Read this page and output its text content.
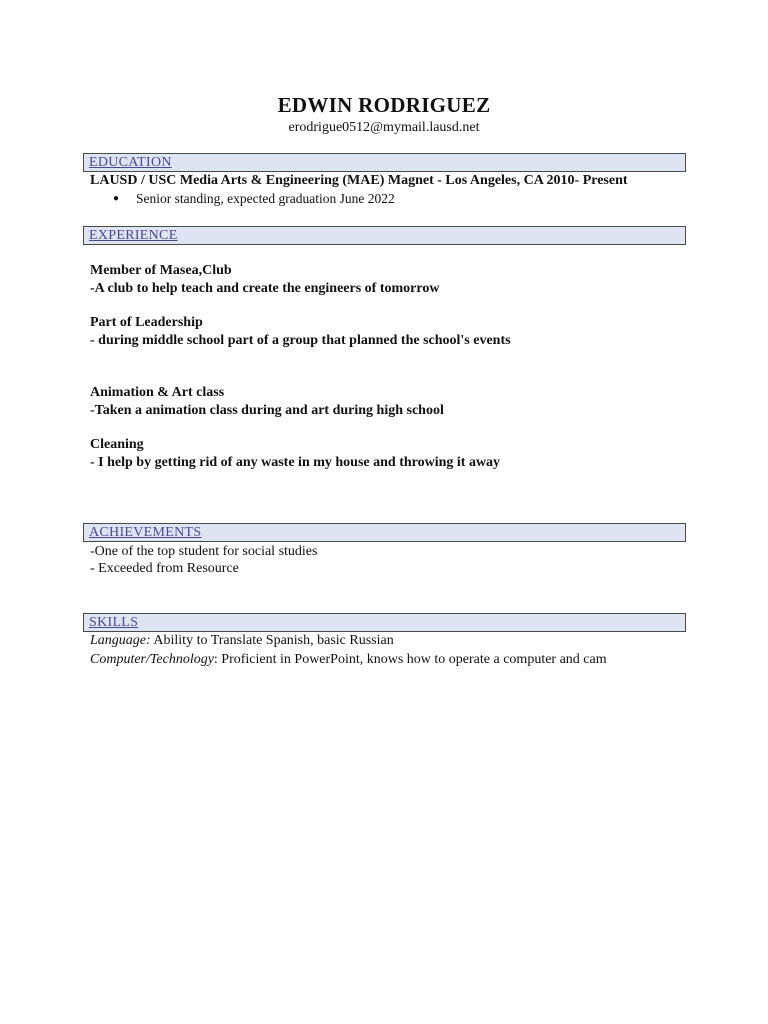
EDWIN RODRIGUEZ
erodrigue0512@mymail.lausd.net
EDUCATION
LAUSD / USC Media Arts & Engineering (MAE) Magnet - Los Angeles, CA 2010- Present
● Senior standing, expected graduation June 2022
EXPERIENCE
Member of Masea,Club
-A club to help teach and create the engineers of tomorrow
Part of Leadership
- during middle school part of a group that planned the school's events
Animation & Art class
-Taken a animation class during and art during high school
Cleaning
- I help by getting rid of any waste in my house and throwing it away
ACHIEVEMENTS
-One of the top student for social studies
- Exceeded from Resource
SKILLS
Language: Ability to Translate Spanish, basic Russian
Computer/Technology: Proficient in PowerPoint, knows how to operate a computer and cam
